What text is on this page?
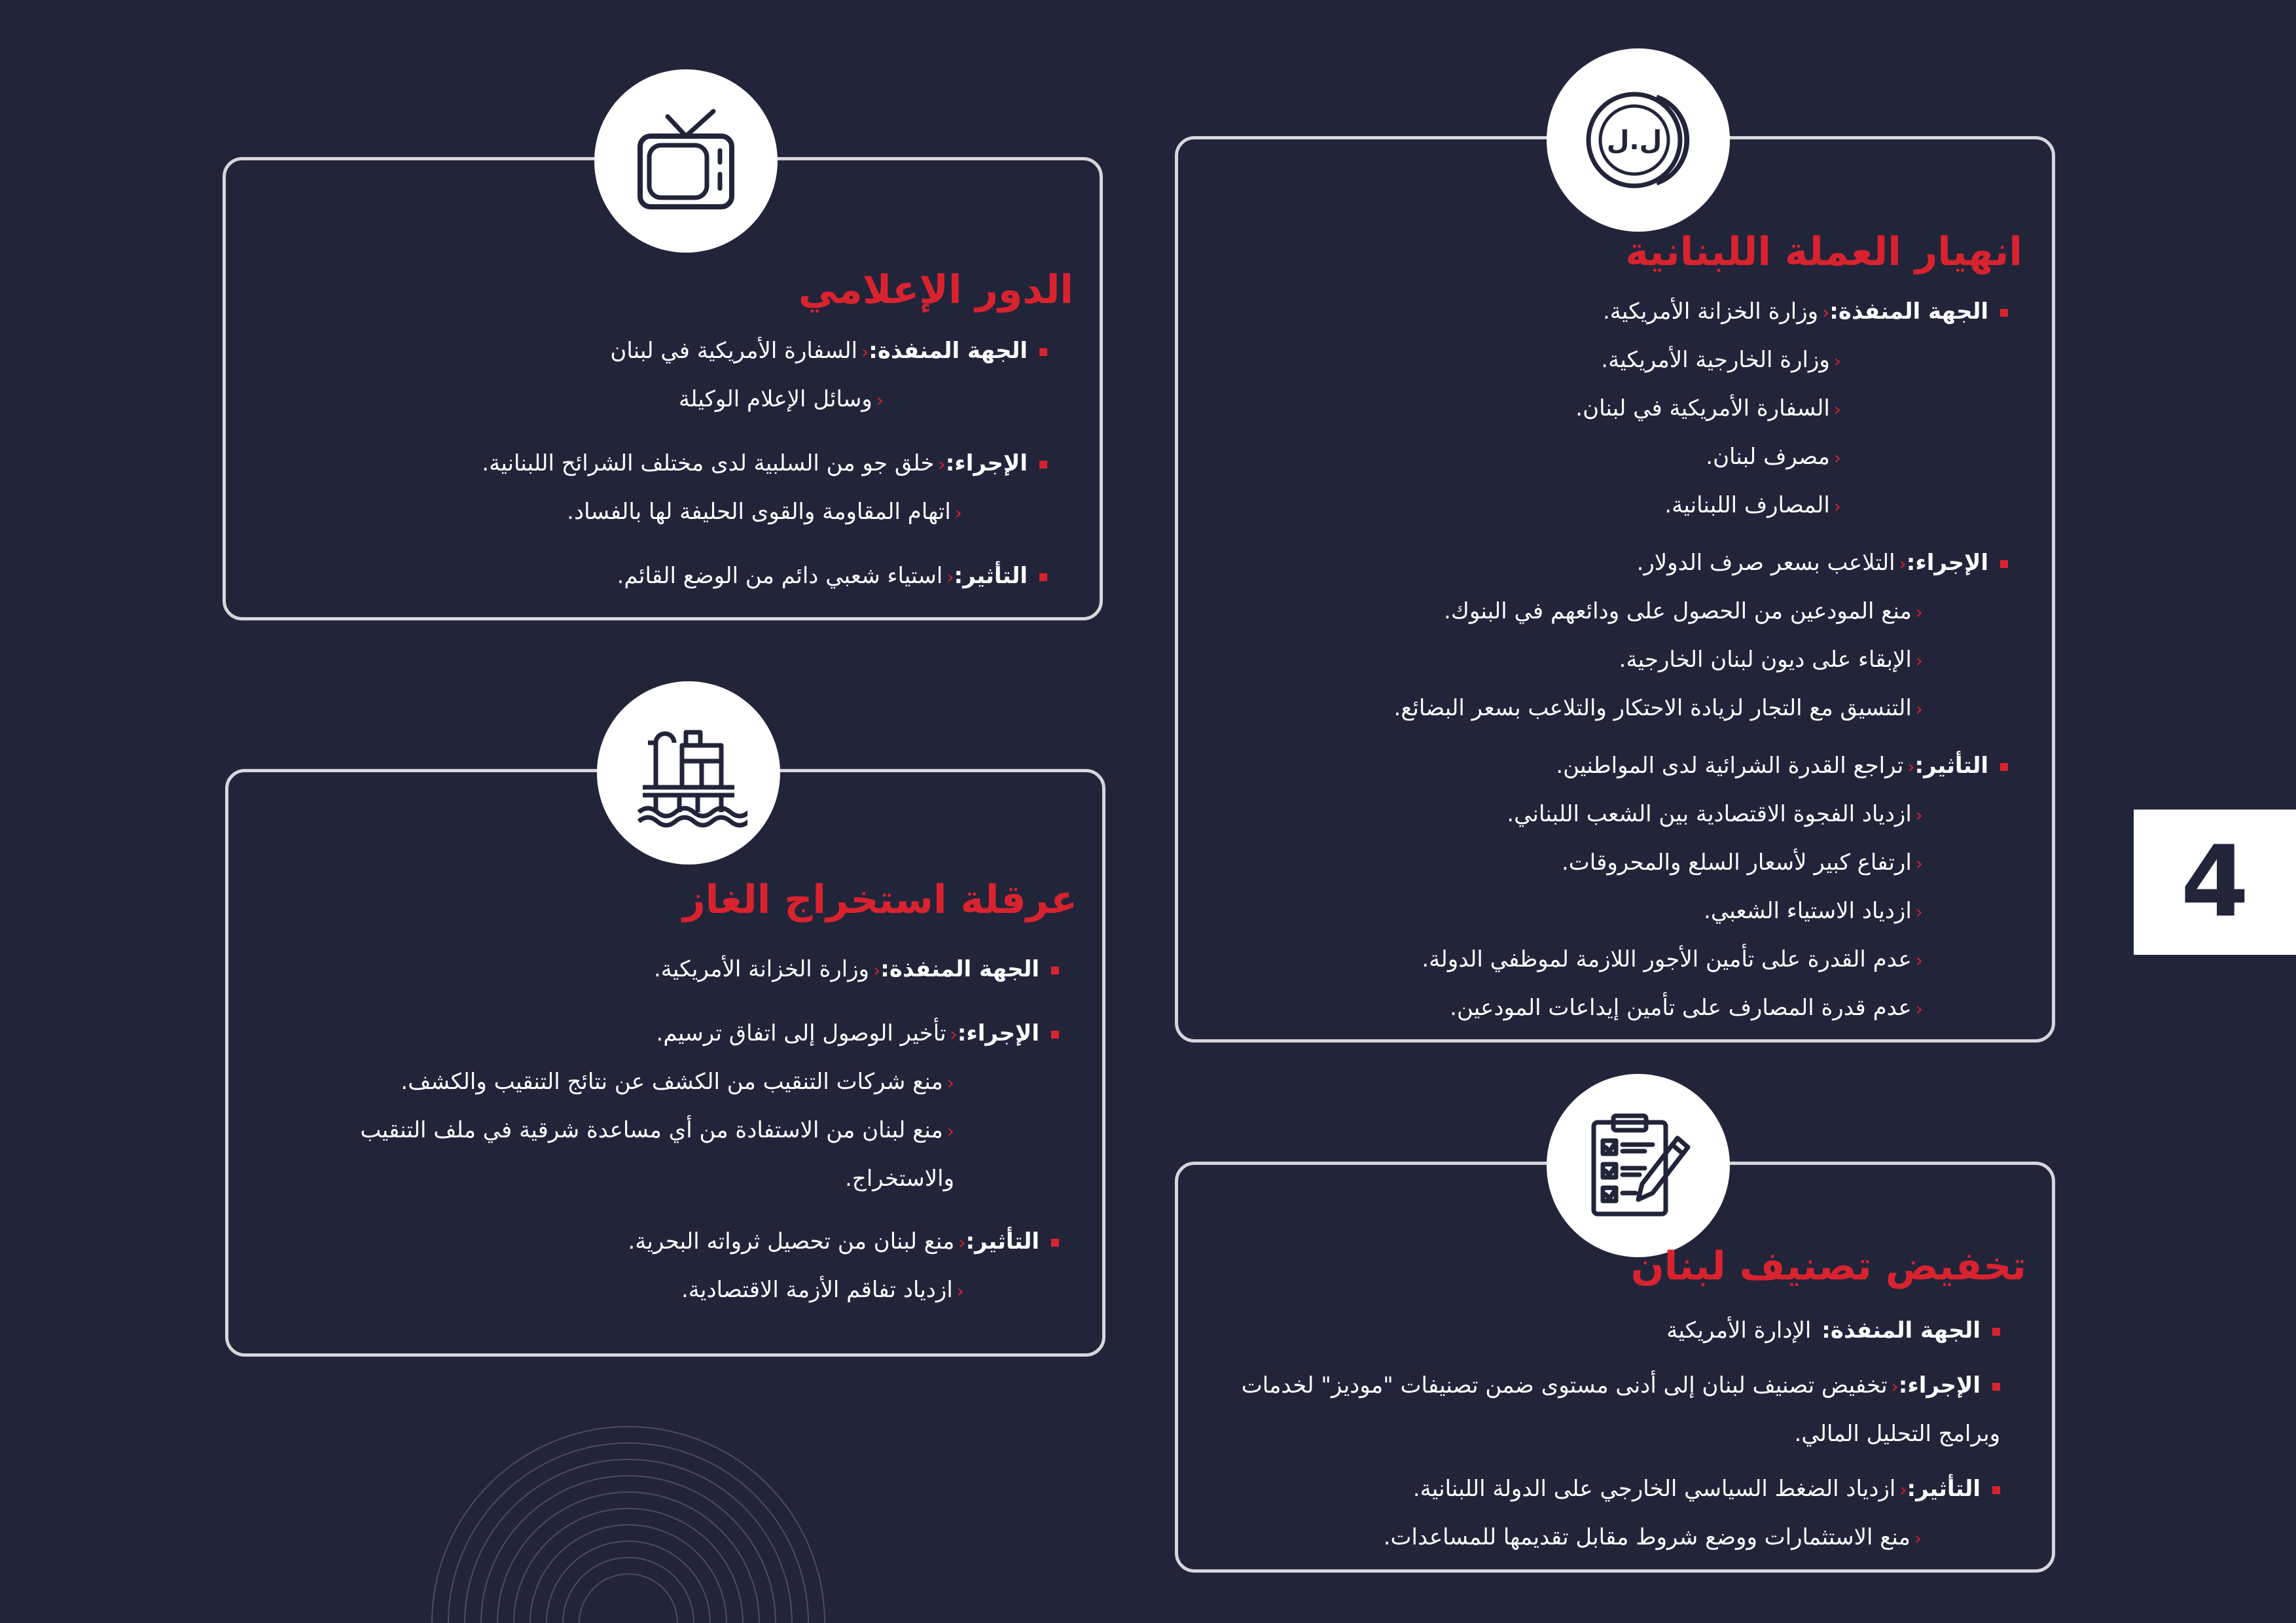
ل.ل
انهيار العملة اللبنانية
الجهة المنفذة:‹وزارة الخزانة الأمريكية.
‹وزارة الخارجية الأمريكية.
‹السفارة الأمريكية في لبنان.
‹مصرف لبنان.
‹المصارف اللبنانية.
الإجراء:‹التلاعب بسعر صرف الدولار.
‹منع المودعين من الحصول على ودائعهم في البنوك.
‹الإبقاء على ديون لبنان الخارجية.
‹التنسيق مع التجار لزيادة الاحتكار والتلاعب بسعر البضائع.
التأثير:‹تراجع القدرة الشرائية لدى المواطنين.
‹ازدياد الفجوة الاقتصادية بين الشعب اللبناني.
‹ارتفاع كبير لأسعار السلع والمحروقات.
‹ازدياد الاستياء الشعبي.
‹عدم القدرة على تأمين الأجور اللازمة لموظفي الدولة.
‹عدم قدرة المصارف على تأمين إيداعات المودعين.
الدور الإعلامي
الجهة المنفذة:‹السفارة الأمريكية في لبنان
‹وسائل الإعلام الوكيلة
الإجراء:‹خلق جو من السلبية لدى مختلف الشرائح اللبنانية.
‹اتهام المقاومة والقوى الحليفة لها بالفساد.
التأثير:‹استياء شعبي دائم من الوضع القائم.
عرقلة استخراج الغاز
الجهة المنفذة:‹وزارة الخزانة الأمريكية.
الإجراء:‹تأخير الوصول إلى اتفاق ترسيم.
‹منع شركات التنقيب من الكشف عن نتائج التنقيب والكشف.
‹منع لبنان من الاستفادة من أي مساعدة شرقية في ملف التنقيب
والاستخراج.
التأثير:‹منع لبنان من تحصيل ثرواته البحرية.
‹ازدياد تفاقم الأزمة الاقتصادية.
تخفيض تصنيف لبنان
الجهة المنفذة:الإدارة الأمريكية
الإجراء:‹تخفيض تصنيف لبنان إلى أدنى مستوى ضمن تصنيفات "موديز" لخدمات
وبرامج التحليل المالي.
التأثير:‹ازدياد الضغط السياسي الخارجي على الدولة اللبنانية.
‹منع الاستثمارات ووضع شروط مقابل تقديمها للمساعدات.
4
